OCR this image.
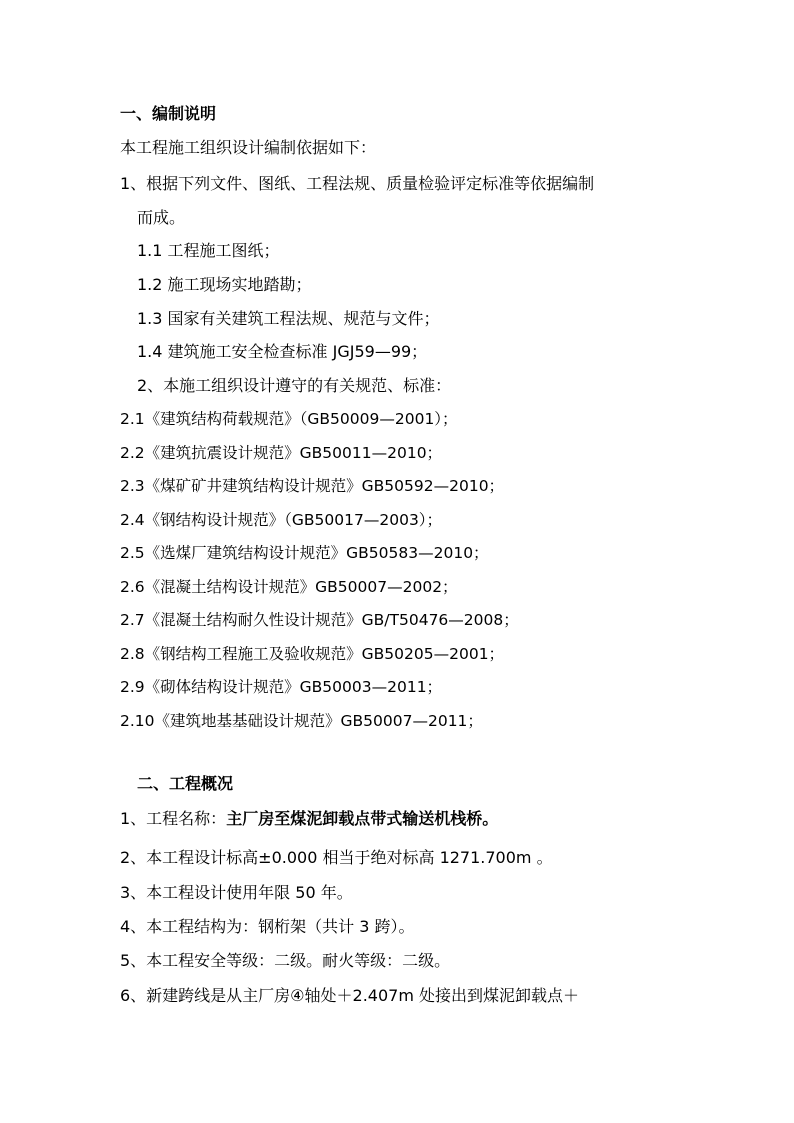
一、编制说明
本工程施工组织设计编制依据如下：
1、根据下列文件、图纸、工程法规、质量检验评定标准等依据编制
而成。
1.1 工程施工图纸；
1.2 施工现场实地踏勘；
1.3 国家有关建筑工程法规、规范与文件；
1.4 建筑施工安全检查标准 JGJ59—99；
2、本施工组织设计遵守的有关规范、标准：
2.1《建筑结构荷载规范》（GB50009—2001）；
2.2《建筑抗震设计规范》GB50011—2010；
2.3《煤矿矿井建筑结构设计规范》GB50592—2010；
2.4《钢结构设计规范》（GB50017—2003）；
2.5《选煤厂建筑结构设计规范》GB50583—2010；
2.6《混凝土结构设计规范》GB50007—2002；
2.7《混凝土结构耐久性设计规范》GB/T50476—2008；
2.8《钢结构工程施工及验收规范》GB50205—2001；
2.9《砌体结构设计规范》GB50003—2011；
2.10《建筑地基基础设计规范》GB50007—2011；
二、工程概况
1、工程名称：主厂房至煤泥卸载点带式输送机栈桥。
2、本工程设计标高±0.000 相当于绝对标高 1271.700m 。
3、本工程设计使用年限 50 年。
4、本工程结构为：钢桁架（共计 3 跨）。
5、本工程安全等级：二级。耐火等级：二级。
6、新建跨线是从主厂房④轴处＋2.407m 处接出到煤泥卸载点＋
